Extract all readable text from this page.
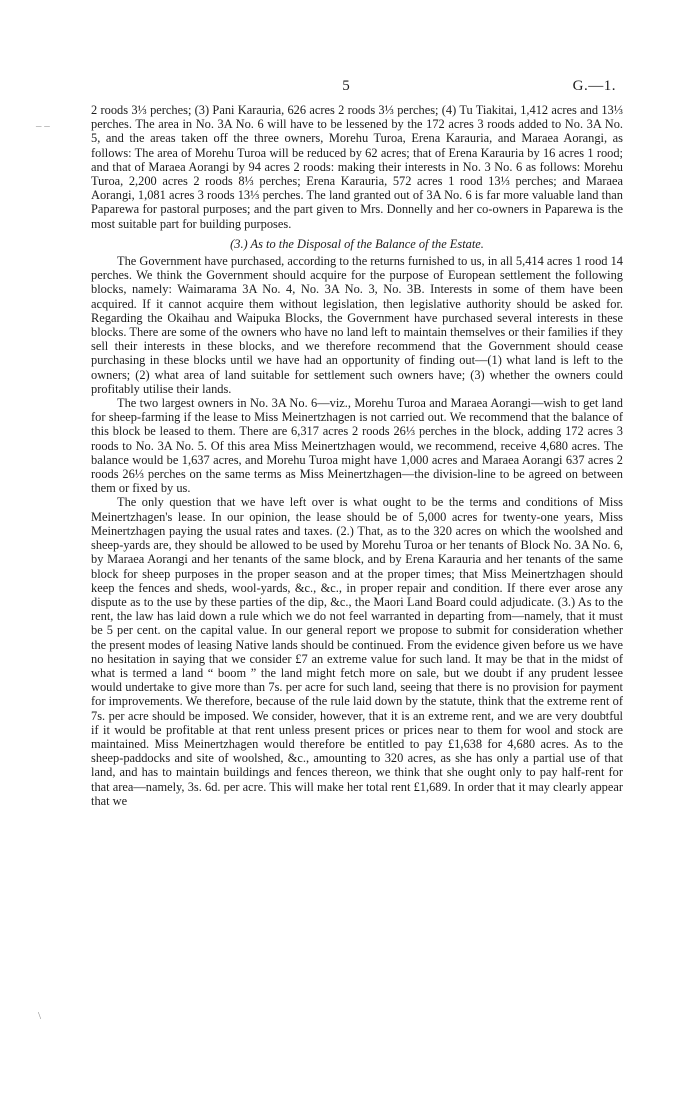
5	G.—1.
– –
\

2 roods 3⅓ perches; (3) Pani Karauria, 626 acres 2 roods 3⅓ perches; (4) Tu Tiakitai, 1,412 acres and 13⅓ perches. The area in No. 3A No. 6 will have to be lessened by the 172 acres 3 roods added to No. 3A No. 5, and the areas taken off the three owners, Morehu Turoa, Erena Karauria, and Maraea Aorangi, as follows: The area of Morehu Turoa will be reduced by 62 acres; that of Erena Karauria by 16 acres 1 rood; and that of Maraea Aorangi by 94 acres 2 roods: making their interests in No. 3 No. 6 as follows: Morehu Turoa, 2,200 acres 2 roods 8⅓ perches; Erena Karauria, 572 acres 1 rood 13⅓ perches; and Maraea Aorangi, 1,081 acres 3 roods 13⅓ perches. The land granted out of 3A No. 6 is far more valuable land than Paparewa for pastoral purposes; and the part given to Mrs. Donnelly and her co-owners in Paparewa is the most suitable part for building purposes.

(3.) As to the Disposal of the Balance of the Estate.

The Government have purchased, according to the returns furnished to us, in all 5,414 acres 1 rood 14 perches. We think the Government should acquire for the purpose of European settlement the following blocks, namely: Waimarama 3A No. 4, No. 3A No. 3, No. 3B. Interests in some of them have been acquired. If it cannot acquire them without legislation, then legislative authority should be asked for. Regarding the Okaihau and Waipuka Blocks, the Government have purchased several interests in these blocks. There are some of the owners who have no land left to maintain themselves or their families if they sell their interests in these blocks, and we therefore recommend that the Government should cease purchasing in these blocks until we have had an opportunity of finding out—(1) what land is left to the owners; (2) what area of land suitable for settlement such owners have; (3) whether the owners could profitably utilise their lands.

The two largest owners in No. 3A No. 6—viz., Morehu Turoa and Maraea Aorangi—wish to get land for sheep-farming if the lease to Miss Meinertzhagen is not carried out. We recommend that the balance of this block be leased to them. There are 6,317 acres 2 roods 26⅓ perches in the block, adding 172 acres 3 roods to No. 3A No. 5. Of this area Miss Meinertzhagen would, we recommend, receive 4,680 acres. The balance would be 1,637 acres, and Morehu Turoa might have 1,000 acres and Maraea Aorangi 637 acres 2 roods 26⅓ perches on the same terms as Miss Meinertzhagen—the division-line to be agreed on between them or fixed by us.

The only question that we have left over is what ought to be the terms and conditions of Miss Meinertzhagen's lease. In our opinion, the lease should be of 5,000 acres for twenty-one years, Miss Meinertzhagen paying the usual rates and taxes. (2.) That, as to the 320 acres on which the woolshed and sheep-yards are, they should be allowed to be used by Morehu Turoa or her tenants of Block No. 3A No. 6, by Maraea Aorangi and her tenants of the same block, and by Erena Karauria and her tenants of the same block for sheep purposes in the proper season and at the proper times; that Miss Meinertzhagen should keep the fences and sheds, wool-yards, &c., &c., in proper repair and condition. If there ever arose any dispute as to the use by these parties of the dip, &c., the Maori Land Board could adjudicate. (3.) As to the rent, the law has laid down a rule which we do not feel warranted in departing from—namely, that it must be 5 per cent. on the capital value. In our general report we propose to submit for consideration whether the present modes of leasing Native lands should be continued. From the evidence given before us we have no hesitation in saying that we consider £7 an extreme value for such land. It may be that in the midst of what is termed a land “ boom ” the land might fetch more on sale, but we doubt if any prudent lessee would undertake to give more than 7s. per acre for such land, seeing that there is no provision for payment for improvements. We therefore, because of the rule laid down by the statute, think that the extreme rent of 7s. per acre should be imposed. We consider, however, that it is an extreme rent, and we are very doubtful if it would be profitable at that rent unless present prices or prices near to them for wool and stock are maintained. Miss Meinertzhagen would therefore be entitled to pay £1,638 for 4,680 acres. As to the sheep-paddocks and site of woolshed, &c., amounting to 320 acres, as she has only a partial use of that land, and has to maintain buildings and fences thereon, we think that she ought only to pay half-rent for that area—namely, 3s. 6d. per acre. This will make her total rent £1,689. In order that it may clearly appear that we
